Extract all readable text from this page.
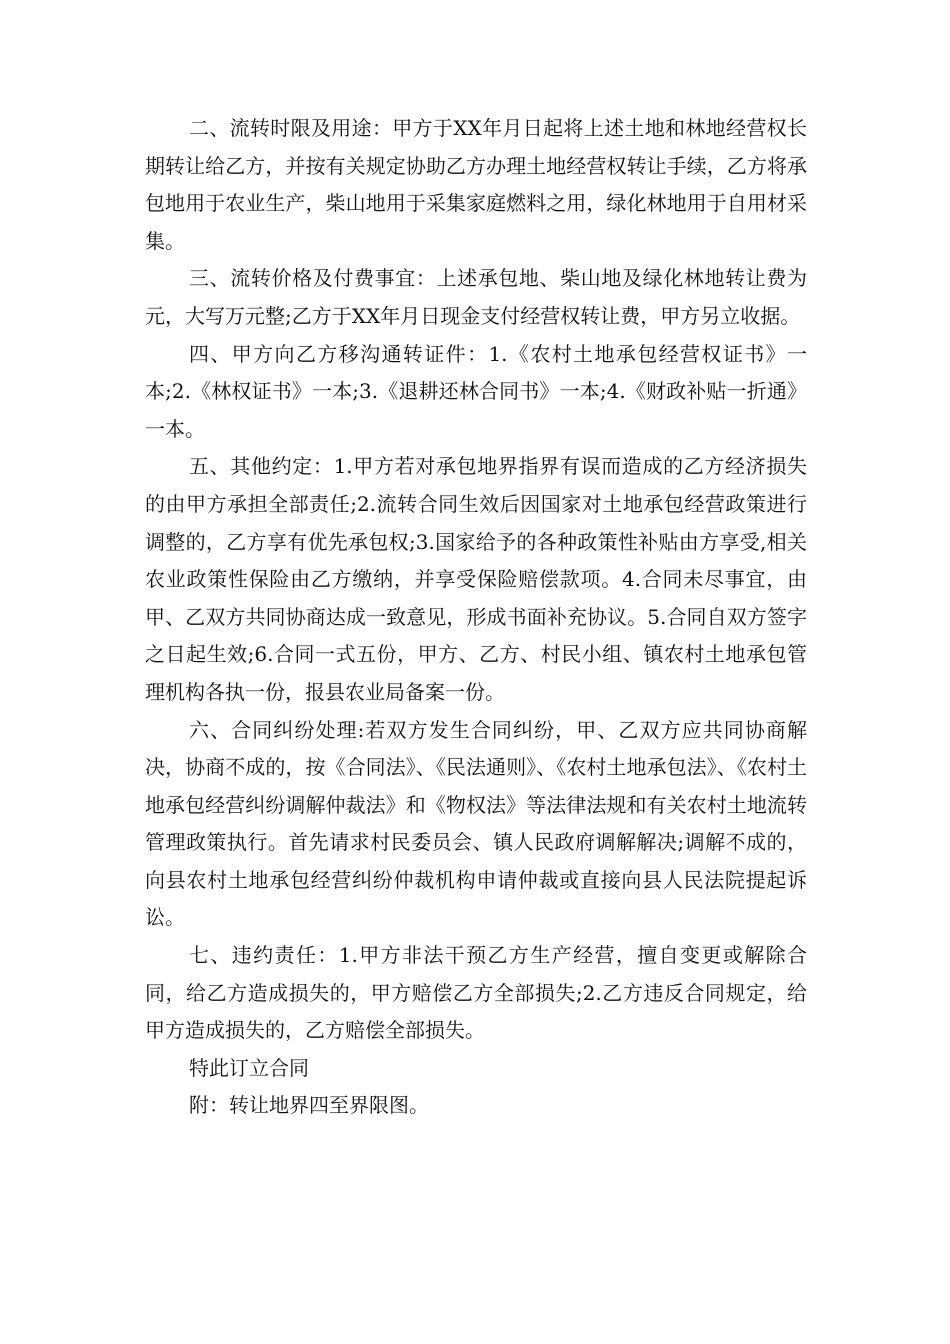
二、流转时限及用途：甲方于XX年月日起将上述土地和林地经营权长期转让给乙方，并按有关规定协助乙方办理土地经营权转让手续，乙方将承包地用于农业生产，柴山地用于采集家庭燃料之用，绿化林地用于自用材采集。

三、流转价格及付费事宜：上述承包地、柴山地及绿化林地转让费为元，大写万元整;乙方于XX年月日现金支付经营权转让费，甲方另立收据。

四、甲方向乙方移沟通转证件：1.《农村土地承包经营权证书》一本;2.《林权证书》一本;3.《退耕还林合同书》一本;4.《财政补贴一折通》一本。

五、其他约定：1.甲方若对承包地界指界有误而造成的乙方经济损失的由甲方承担全部责任;2.流转合同生效后因国家对土地承包经营政策进行调整的，乙方享有优先承包权;3.国家给予的各种政策性补贴由方享受,相关农业政策性保险由乙方缴纳，并享受保险赔偿款项。4.合同未尽事宜，由甲、乙双方共同协商达成一致意见，形成书面补充协议。5.合同自双方签字之日起生效;6.合同一式五份，甲方、乙方、村民小组、镇农村土地承包管理机构各执一份，报县农业局备案一份。

六、合同纠纷处理:若双方发生合同纠纷，甲、乙双方应共同协商解决，协商不成的，按《合同法》、《民法通则》、《农村土地承包法》、《农村土地承包经营纠纷调解仲裁法》和《物权法》等法律法规和有关农村土地流转管理政策执行。首先请求村民委员会、镇人民政府调解解决;调解不成的，向县农村土地承包经营纠纷仲裁机构申请仲裁或直接向县人民法院提起诉讼。

七、违约责任：1.甲方非法干预乙方生产经营，擅自变更或解除合同，给乙方造成损失的，甲方赔偿乙方全部损失;2.乙方违反合同规定，给甲方造成损失的，乙方赔偿全部损失。

特此订立合同

附：转让地界四至界限图。
